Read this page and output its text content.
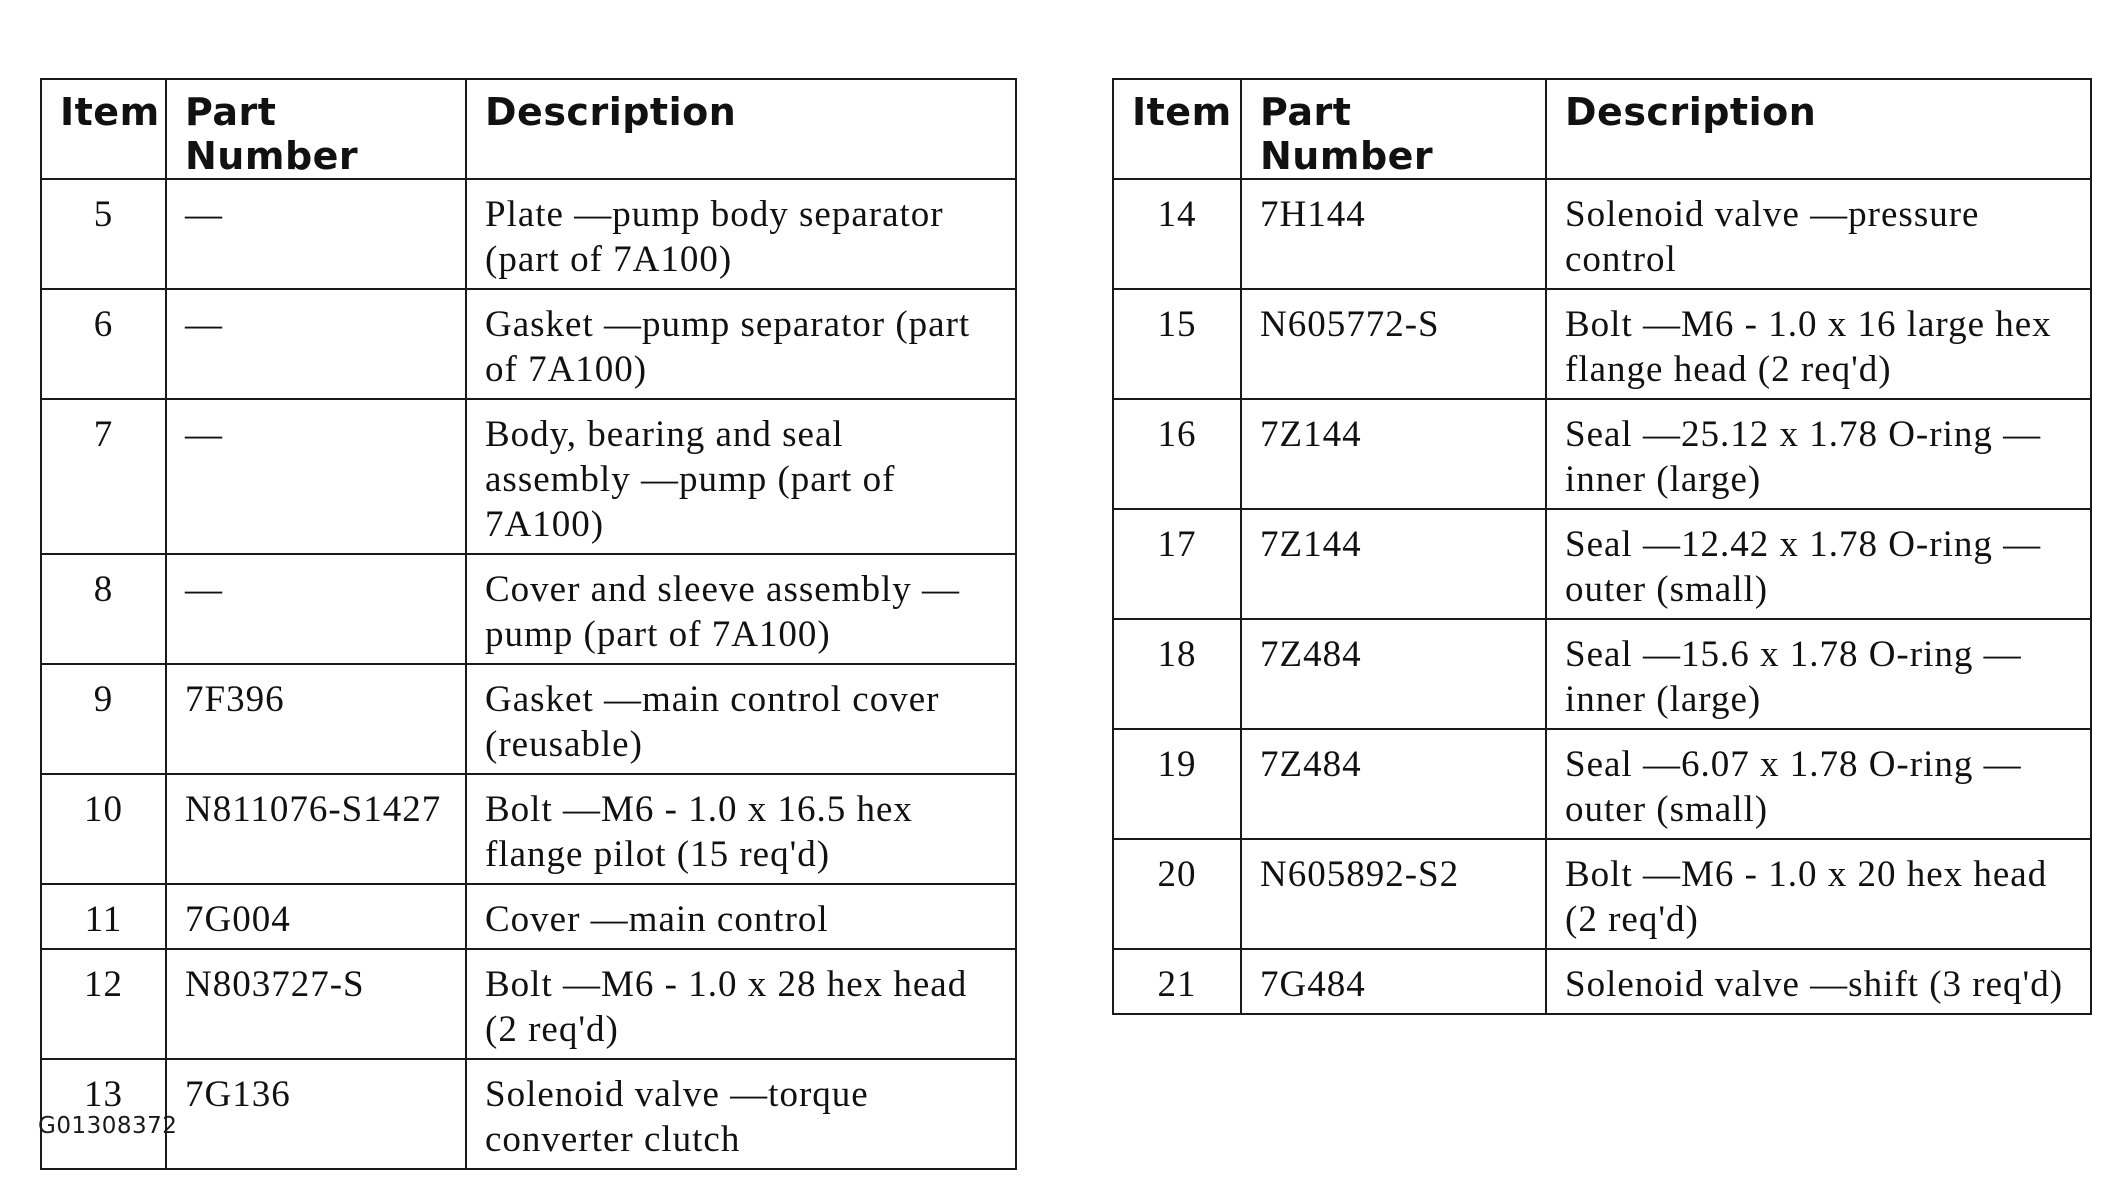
Item	Part Number	Description
5	—	Plate —pump body separator (part of 7A100)
6	—	Gasket —pump separator (part of 7A100)
7	—	Body, bearing and seal assembly —pump (part of 7A100)
8	—	Cover and sleeve assembly —pump (part of 7A100)
9	7F396	Gasket —main control cover (reusable)
10	N811076-S1427	Bolt —M6 - 1.0 x 16.5 hex flange pilot (15 req'd)
11	7G004	Cover —main control
12	N803727-S	Bolt —M6 - 1.0 x 28 hex head (2 req'd)
13	7G136	Solenoid valve —torque converter clutch
Item	Part Number	Description
14	7H144	Solenoid valve —pressure control
15	N605772-S	Bolt —M6 - 1.0 x 16 large hex flange head (2 req'd)
16	7Z144	Seal —25.12 x 1.78 O-ring —inner (large)
17	7Z144	Seal —12.42 x 1.78 O-ring —outer (small)
18	7Z484	Seal —15.6 x 1.78 O-ring —inner (large)
19	7Z484	Seal —6.07 x 1.78 O-ring —outer (small)
20	N605892-S2	Bolt —M6 - 1.0 x 20 hex head (2 req'd)
21	7G484	Solenoid valve —shift (3 req'd)
G01308372
